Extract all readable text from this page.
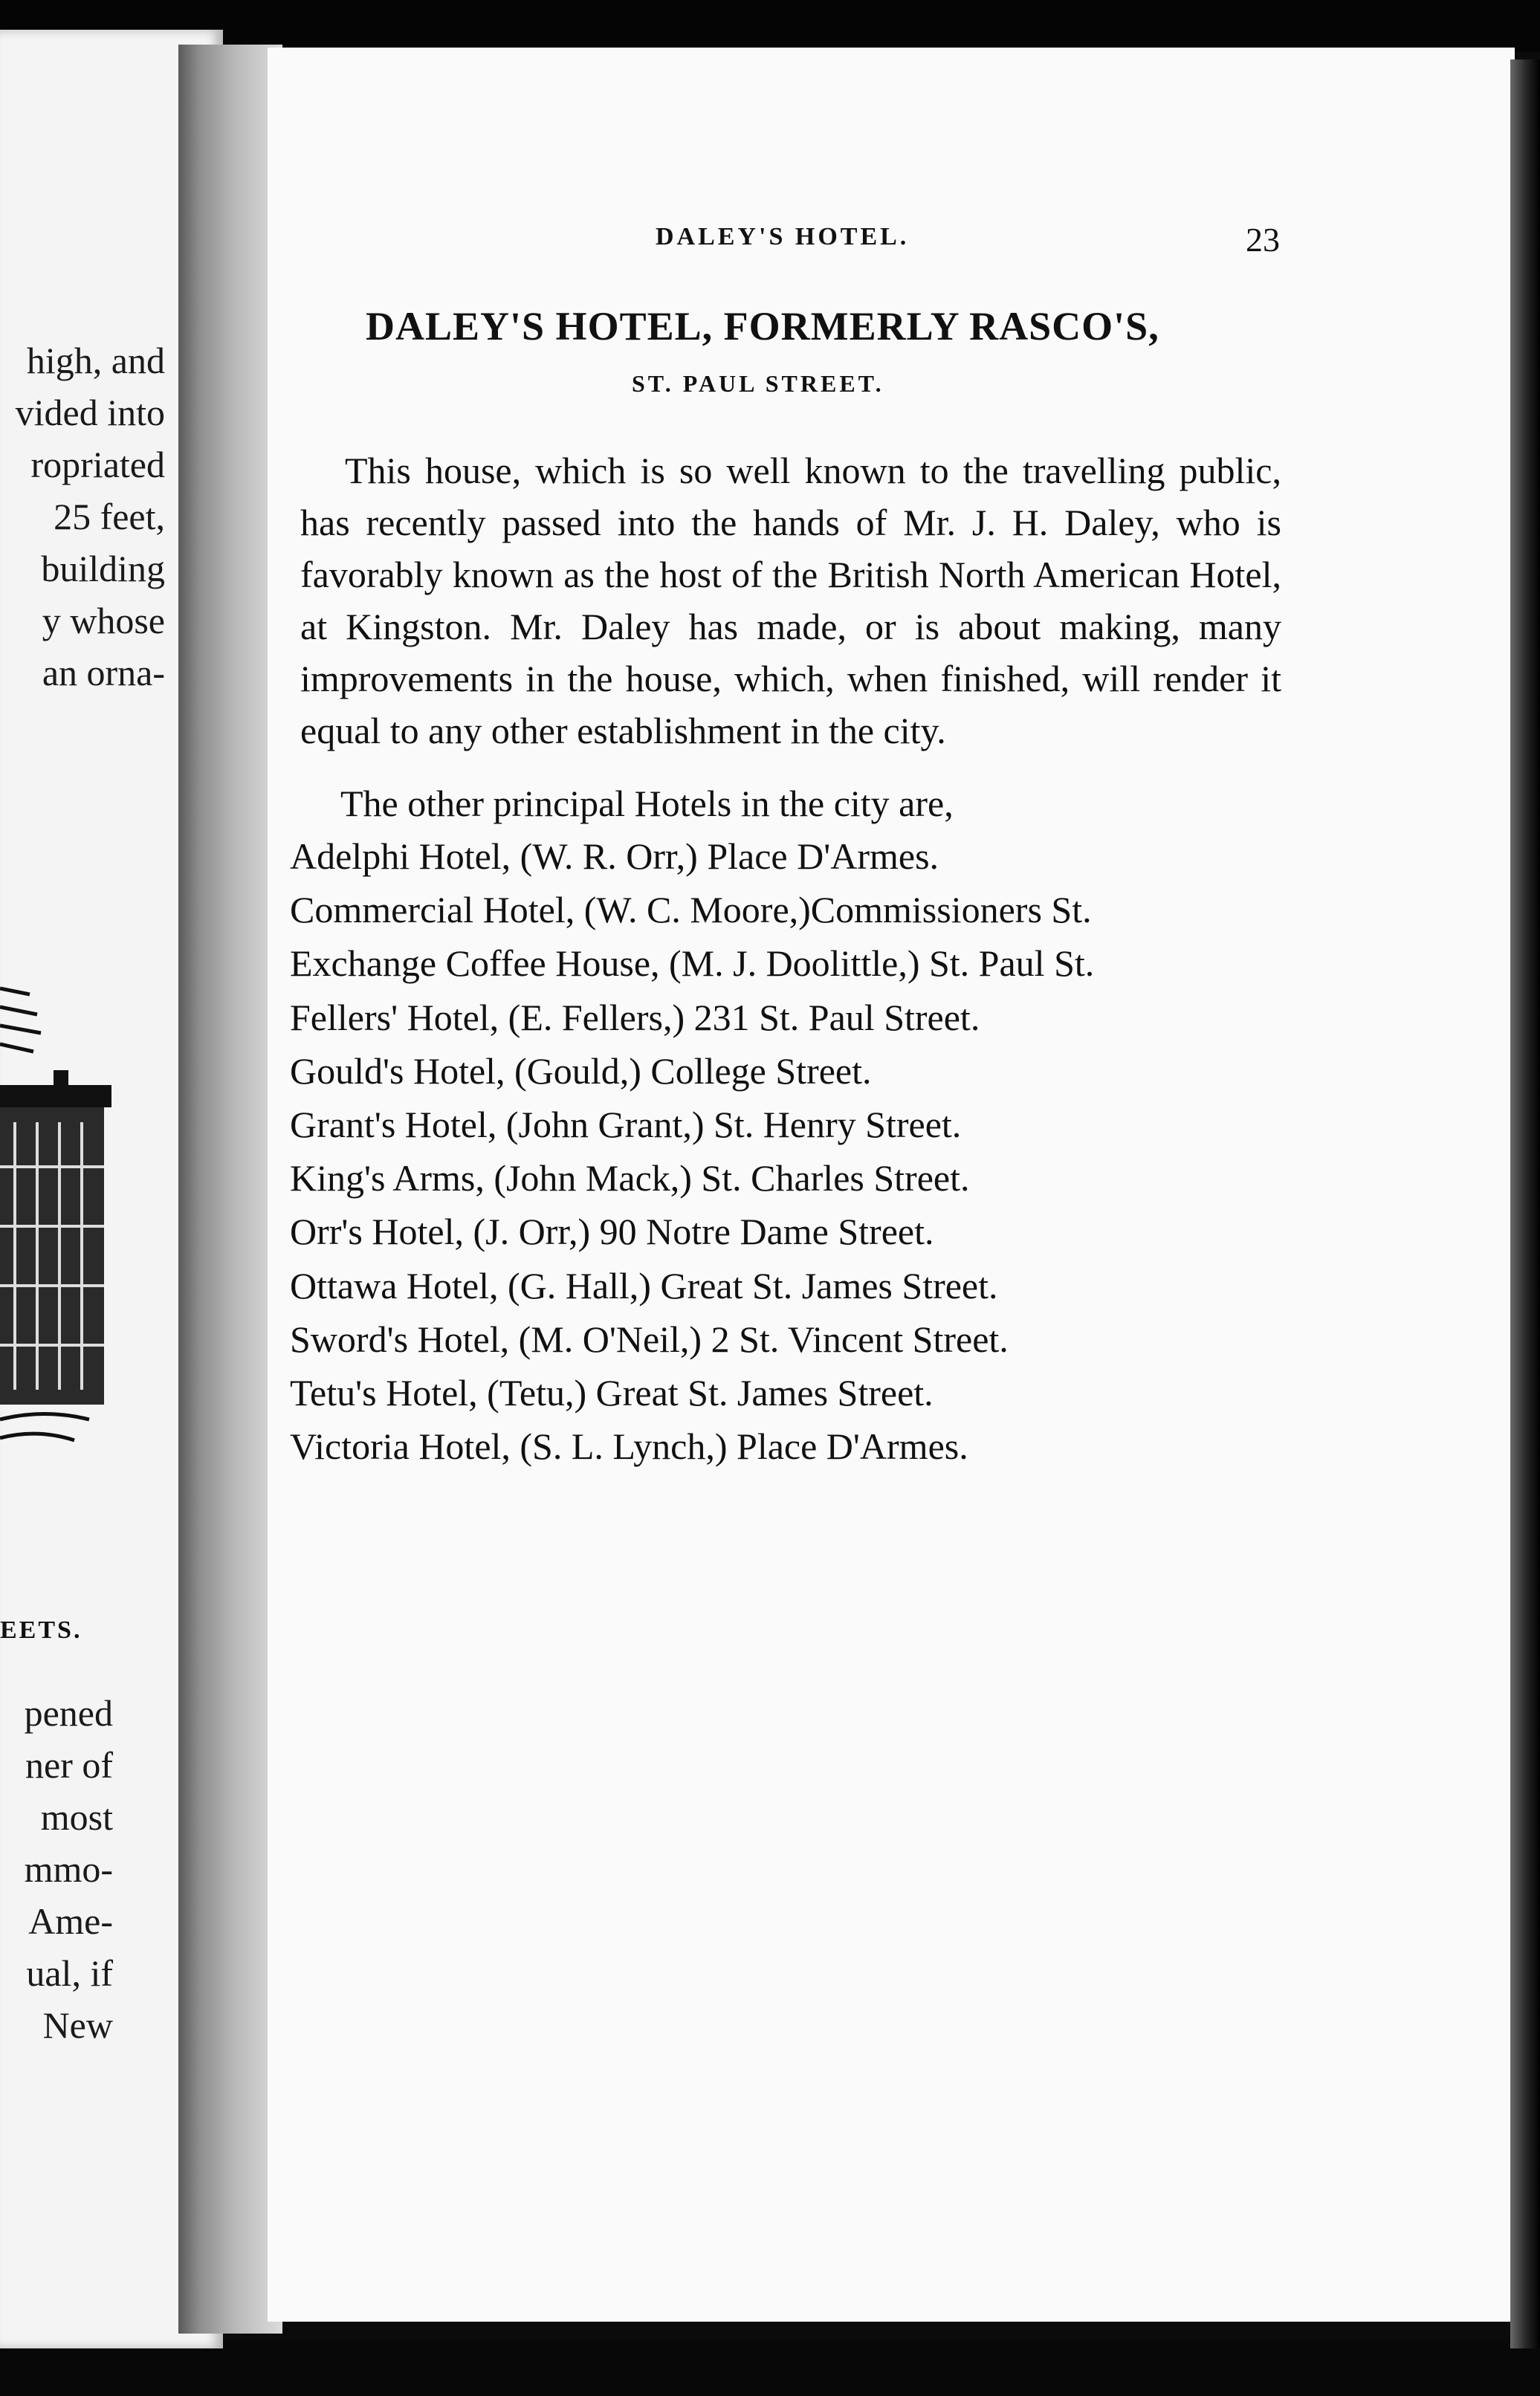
high, and
vided into
ropriated
25 feet,
building
y whose
an orna-
EETS.
pened
ner of
most
mmo-
Ame-
ual, if
New
DALEY'S HOTEL.	23
DALEY'S HOTEL, FORMERLY RASCO'S,
ST. PAUL STREET.

This house, which is so well known to the travelling public, has recently passed into the hands of Mr. J. H. Daley, who is favorably known as the host of the British North American Hotel, at Kingston. Mr. Daley has made, or is about making, many improvements in the house, which, when finished, will render it equal to any other establishment in the city.

The other principal Hotels in the city are,
Adelphi Hotel, (W. R. Orr,) Place D'Armes.
Commercial Hotel, (W. C. Moore,)Commissioners St.
Exchange Coffee House, (M. J. Doolittle,) St. Paul St.
Fellers' Hotel, (E. Fellers,) 231 St. Paul Street.
Gould's Hotel, (Gould,) College Street.
Grant's Hotel, (John Grant,) St. Henry Street.
King's Arms, (John Mack,) St. Charles Street.
Orr's Hotel, (J. Orr,) 90 Notre Dame Street.
Ottawa Hotel, (G. Hall,) Great St. James Street.
Sword's Hotel, (M. O'Neil,) 2 St. Vincent Street.
Tetu's Hotel, (Tetu,) Great St. James Street.
Victoria Hotel, (S. L. Lynch,) Place D'Armes.
